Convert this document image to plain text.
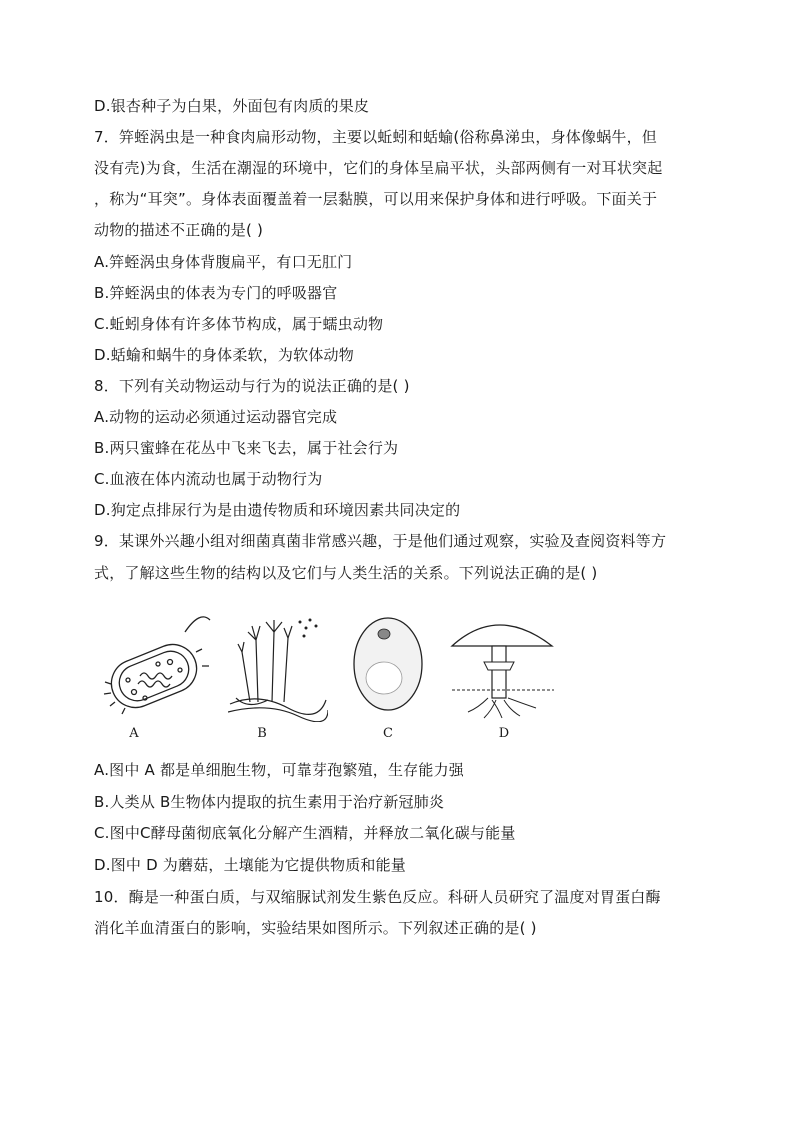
D.银杏种子为白果，外面包有肉质的果皮
7．笄蛭涡虫是一种食肉扁形动物，主要以蚯蚓和蛞蝓(俗称鼻涕虫，身体像蜗牛，但
没有壳)为食，生活在潮湿的环境中，它们的身体呈扁平状，头部两侧有一对耳状突起
，称为“耳突”。身体表面覆盖着一层黏膜，可以用来保护身体和进行呼吸。下面关于
动物的描述不正确的是( )
A.笄蛭涡虫身体背腹扁平，有口无肛门
B.笄蛭涡虫的体表为专门的呼吸器官
C.蚯蚓身体有许多体节构成，属于蠕虫动物
D.蛞蝓和蜗牛的身体柔软，为软体动物
8．下列有关动物运动与行为的说法正确的是( )
A.动物的运动必须通过运动器官完成
B.两只蜜蜂在花丛中飞来飞去，属于社会行为
C.血液在体内流动也属于动物行为
D.狗定点排尿行为是由遗传物质和环境因素共同决定的
9．某课外兴趣小组对细菌真菌非常感兴趣，于是他们通过观察，实验及查阅资料等方
式，了解这些生物的结构以及它们与人类生活的关系。下列说法正确的是( )
A	B	C	D
A.图中 A 都是单细胞生物，可靠芽孢繁殖，生存能力强
B.人类从 B生物体内提取的抗生素用于治疗新冠肺炎
C.图中C酵母菌彻底氧化分解产生酒精，并释放二氧化碳与能量
D.图中 D 为蘑菇，土壤能为它提供物质和能量
10．酶是一种蛋白质，与双缩脲试剂发生紫色反应。科研人员研究了温度对胃蛋白酶
消化羊血清蛋白的影响，实验结果如图所示。下列叙述正确的是( )
